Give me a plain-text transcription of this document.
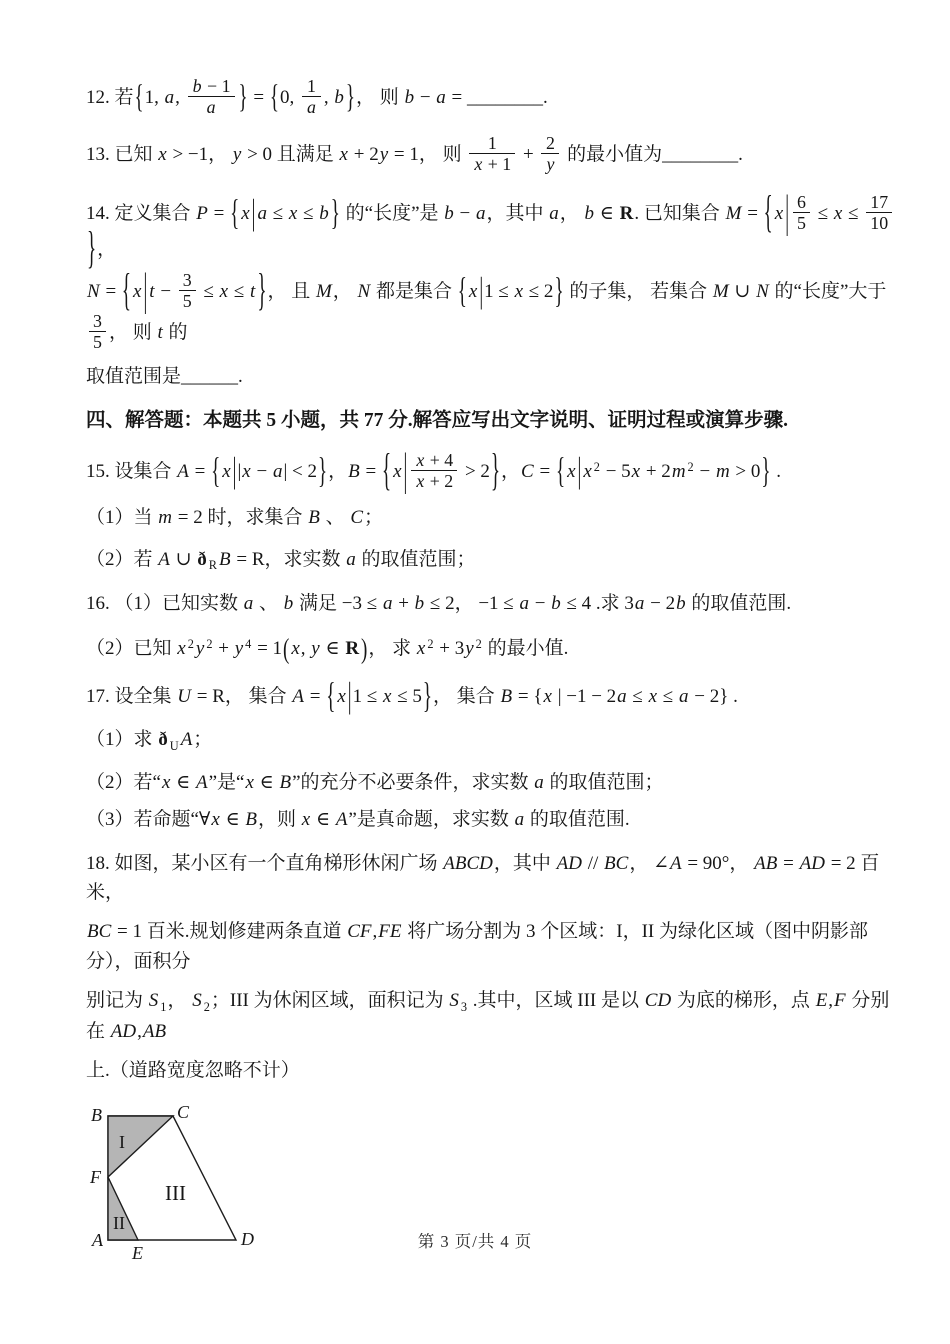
12. 若{1, a, $\frac{b - 1}{a}$ } = {0, $\frac{1}{a}$ , b }， 则 b − a = ________.
13. 已知 x > −1， y > 0 且满足 x + 2y = 1， 则 $\frac{1}{x + 1} + \frac{2}{y}$ 的最小值为________.
14. 定义集合 P = { x | a ≤ x ≤ b } 的“长度”是 b − a，其中 a， b ∈ R. 已知集合 M = { x | $\frac{6}{5} \le x \le \frac{17}{10}$
}，
N = { x | $t - \frac{3}{5} \le x \le t$ }， 且 M， N 都是集合 { x |1 ≤ x ≤ 2} 的子集， 若集合 M ∪ N 的“长度”大于
$\frac{3}{5}$ ， 则 t 的
取值范围是______.
四、解答题：本题共 5 小题，共 77 分.解答应写出文字说明、证明过程或演算步骤.
15. 设集合 A = { x ||x − a| < 2}，B = { x | $\frac{x + 4}{x + 2} > 2$}，C = { x | x $^2$ − 5x + 2m $^2$ − m > 0} .
（1）当 m = 2 时，求集合 B 、 C；
（2）若 A ∪ ð $_R$ B = R，求实数 a 的取值范围；
16. （1）已知实数 a 、 b 满足 −3 ≤ a + b ≤ 2， −1 ≤ a − b ≤ 4 .求 3a − 2b 的取值范围.
（2）已知 x $^2$ y $^2$ + y $^4$ = 1( x, y ∈ R )， 求 x $^2$ + 3y $^2$ 的最小值.
17. 设全集 U = R， 集合 A = { x |1 ≤ x ≤ 5}， 集合 B = {x | −1 − 2a ≤ x ≤ a − 2} .
（1）求 ð $_U$ A；
（2）若“x ∈ A”是“x ∈ B”的充分不必要条件，求实数 a 的取值范围；
（3）若命题“∀x ∈ B，则 x ∈ A”是真命题，求实数 a 的取值范围.
18. 如图，某小区有一个直角梯形休闲广场 ABCD，其中 AD // BC， ∠A = 90°， AB = AD = 2 百米，
BC = 1 百米.规划修建两条直道 CF,FE 将广场分割为 3 个区域：I，II 为绿化区域（图中阴影部分），面积分
别记为 S $_1$， S $_2$；III 为休闲区域，面积记为 S $_3$ .其中，区域 III 是以 CD 为底的梯形，点 E,F 分别在 AD,AB
上.（道路宽度忽略不计）
B	C
F
A
E
D
I
II
III
第 3 页/共 4 页
